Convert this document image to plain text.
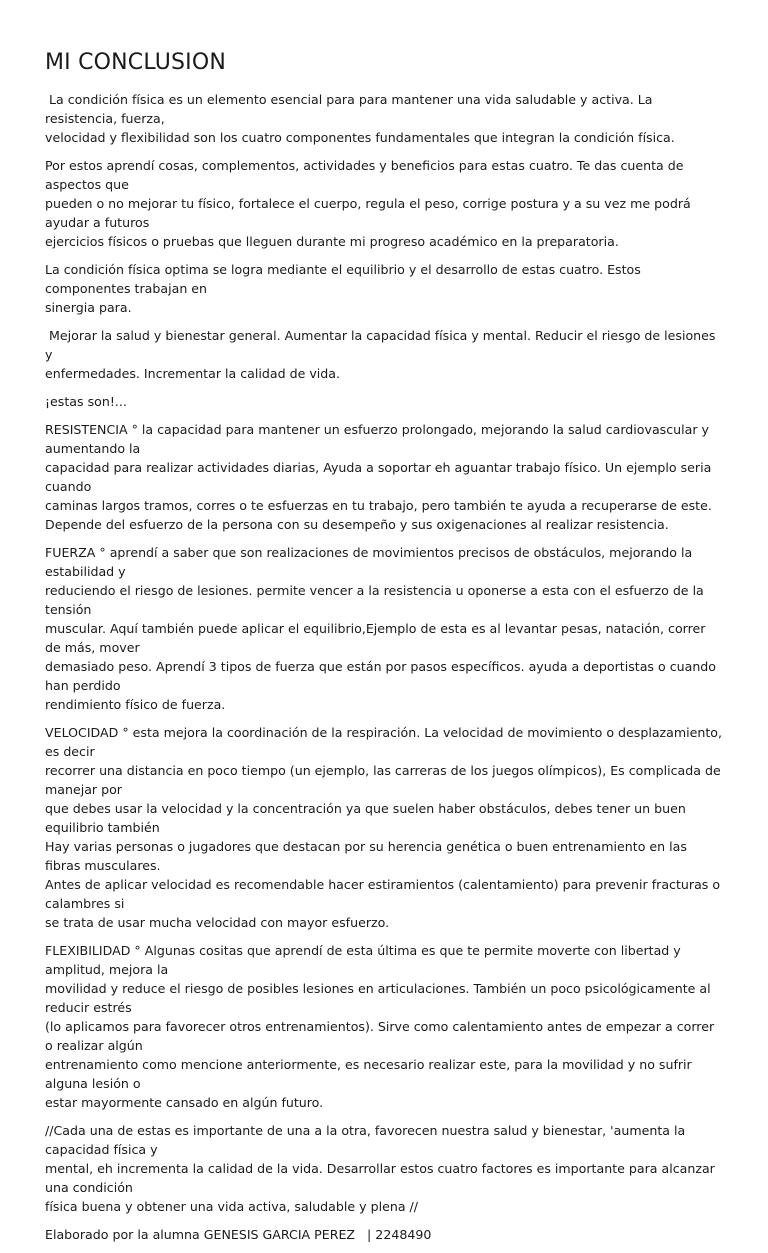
MI CONCLUSION

La condición física es un elemento esencial para para mantener una vida saludable y activa. La resistencia, fuerza,
velocidad y flexibilidad son los cuatro componentes fundamentales que integran la condición física.

Por estos aprendí cosas, complementos, actividades y beneficios para estas cuatro. Te das cuenta de aspectos que
pueden o no mejorar tu físico, fortalece el cuerpo, regula el peso, corrige postura y a su vez me podrá ayudar a futuros
ejercicios físicos o pruebas que lleguen durante mi progreso académico en la preparatoria.

La condición física optima se logra mediante el equilibrio y el desarrollo de estas cuatro. Estos componentes trabajan en
sinergia para.

Mejorar la salud y bienestar general. Aumentar la capacidad física y mental. Reducir el riesgo de lesiones y
enfermedades. Incrementar la calidad de vida.

¡estas son!...

RESISTENCIA ° la capacidad para mantener un esfuerzo prolongado, mejorando la salud cardiovascular y aumentando la
capacidad para realizar actividades diarias, Ayuda a soportar eh aguantar trabajo físico. Un ejemplo seria cuando
caminas largos tramos, corres o te esfuerzas en tu trabajo, pero también te ayuda a recuperarse de este.
Depende del esfuerzo de la persona con su desempeño y sus oxigenaciones al realizar resistencia.

FUERZA ° aprendí a saber que son realizaciones de movimientos precisos de obstáculos, mejorando la estabilidad y
reduciendo el riesgo de lesiones. permite vencer a la resistencia u oponerse a esta con el esfuerzo de la tensión
muscular. Aquí también puede aplicar el equilibrio,Ejemplo de esta es al levantar pesas, natación, correr de más, mover
demasiado peso. Aprendí 3 tipos de fuerza que están por pasos específicos. ayuda a deportistas o cuando han perdido
rendimiento físico de fuerza.

VELOCIDAD ° esta mejora la coordinación de la respiración. La velocidad de movimiento o desplazamiento, es decir
recorrer una distancia en poco tiempo (un ejemplo, las carreras de los juegos olímpicos), Es complicada de manejar por
que debes usar la velocidad y la concentración ya que suelen haber obstáculos, debes tener un buen equilibrio también
Hay varias personas o jugadores que destacan por su herencia genética o buen entrenamiento en las fibras musculares.
Antes de aplicar velocidad es recomendable hacer estiramientos (calentamiento) para prevenir fracturas o calambres si
se trata de usar mucha velocidad con mayor esfuerzo.

FLEXIBILIDAD ° Algunas cositas que aprendí de esta última es que te permite moverte con libertad y amplitud, mejora la
movilidad y reduce el riesgo de posibles lesiones en articulaciones. También un poco psicológicamente al reducir estrés
(lo aplicamos para favorecer otros entrenamientos). Sirve como calentamiento antes de empezar a correr o realizar algún
entrenamiento como mencione anteriormente, es necesario realizar este, para la movilidad y no sufrir alguna lesión o
estar mayormente cansado en algún futuro.

//Cada una de estas es importante de una a la otra, favorecen nuestra salud y bienestar, 'aumenta la capacidad física y
mental, eh incrementa la calidad de la vida. Desarrollar estos cuatro factores es importante para alcanzar una condición
física buena y obtener una vida activa, saludable y plena //

Elaborado por la alumna GENESIS GARCIA PEREZ   | 2248490
